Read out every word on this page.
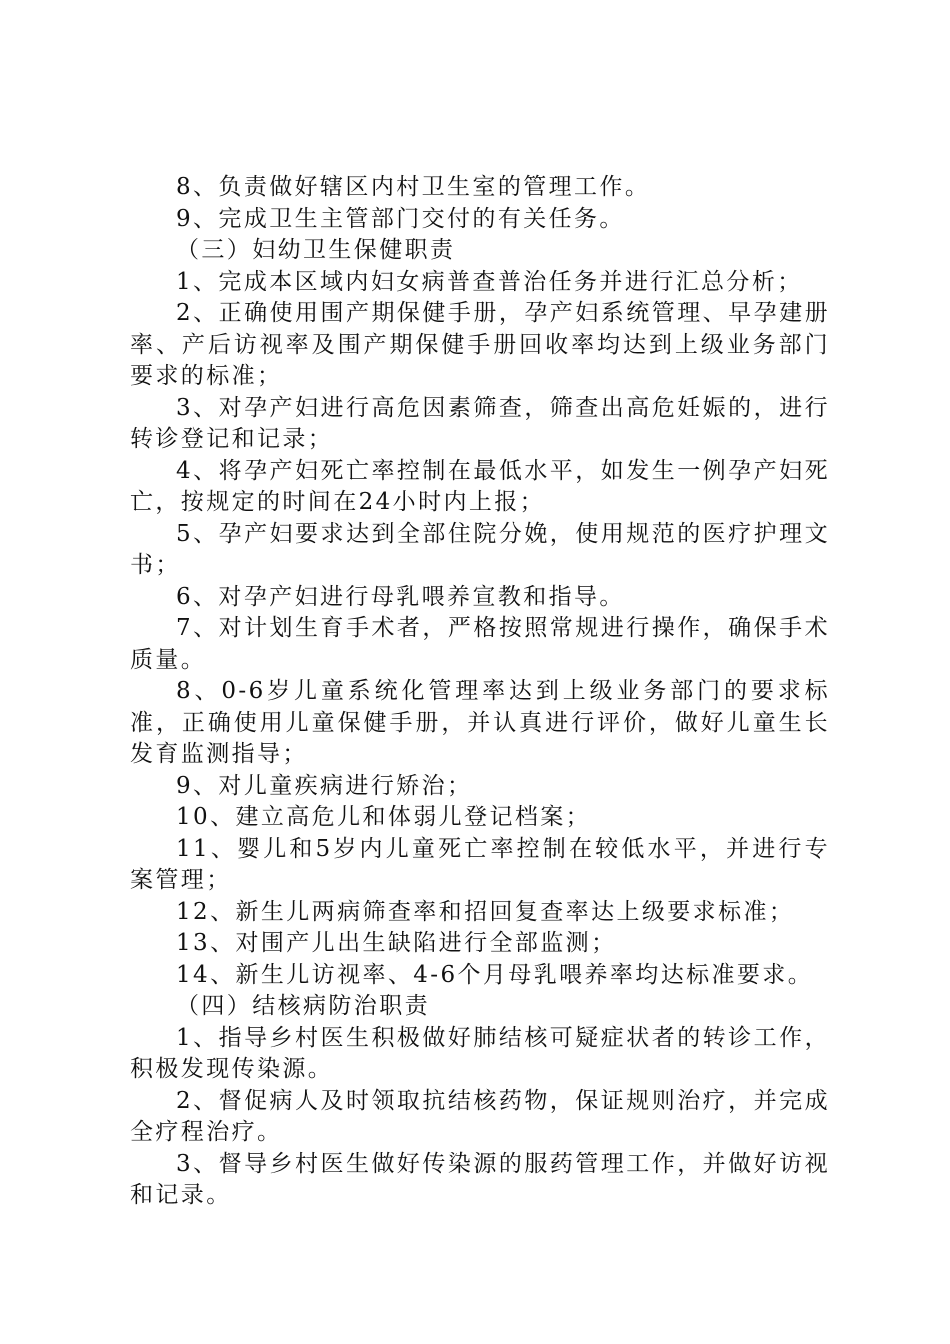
8、负责做好辖区内村卫生室的管理工作。

9、完成卫生主管部门交付的有关任务。

（三）妇幼卫生保健职责

1、完成本区域内妇女病普查普治任务并进行汇总分析；

2、正确使用围产期保健手册，孕产妇系统管理、早孕建册率、产后访视率及围产期保健手册回收率均达到上级业务部门要求的标准；

3、对孕产妇进行高危因素筛查，筛查出高危妊娠的，进行转诊登记和记录；

4、将孕产妇死亡率控制在最低水平，如发生一例孕产妇死亡，按规定的时间在24小时内上报；

5、孕产妇要求达到全部住院分娩，使用规范的医疗护理文书；

6、对孕产妇进行母乳喂养宣教和指导。

7、对计划生育手术者，严格按照常规进行操作，确保手术质量。

8、0-6岁儿童系统化管理率达到上级业务部门的要求标准，正确使用儿童保健手册，并认真进行评价，做好儿童生长发育监测指导；

9、对儿童疾病进行矫治；

10、建立高危儿和体弱儿登记档案；

11、婴儿和5岁内儿童死亡率控制在较低水平，并进行专案管理；

12、新生儿两病筛查率和招回复查率达上级要求标准；

13、对围产儿出生缺陷进行全部监测；

14、新生儿访视率、4-6个月母乳喂养率均达标准要求。

（四）结核病防治职责

1、指导乡村医生积极做好肺结核可疑症状者的转诊工作，积极发现传染源。

2、督促病人及时领取抗结核药物，保证规则治疗，并完成全疗程治疗。

3、督导乡村医生做好传染源的服药管理工作，并做好访视和记录。
